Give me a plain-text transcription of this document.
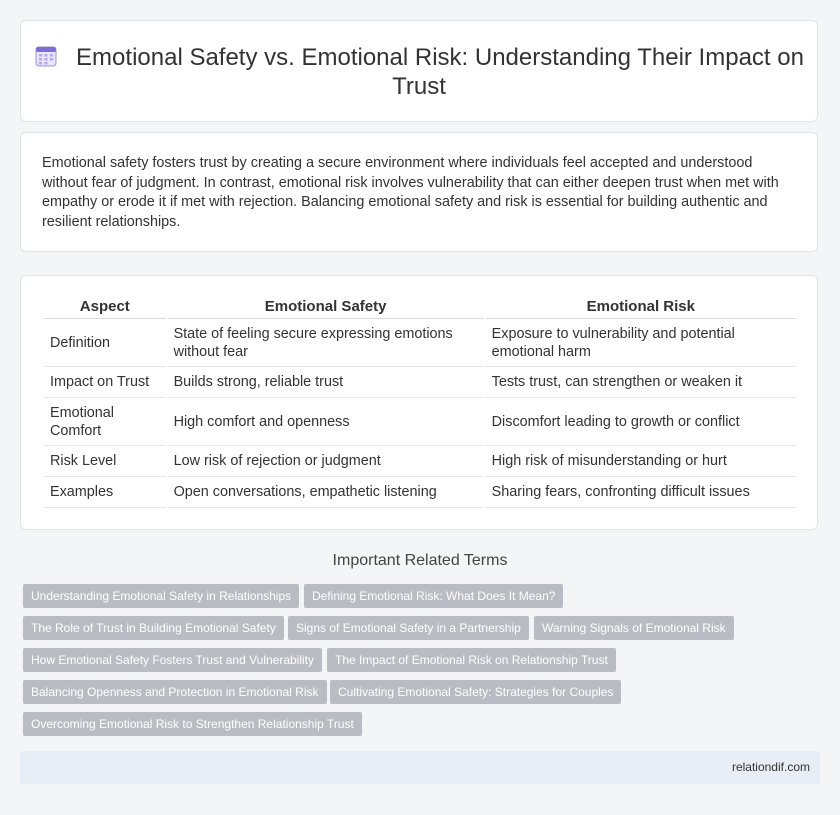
Emotional Safety vs. Emotional Risk: Understanding Their Impact on Trust

Emotional safety fosters trust by creating a secure environment where individuals feel accepted and understood without fear of judgment. In contrast, emotional risk involves vulnerability that can either deepen trust when met with empathy or erode it if met with rejection. Balancing emotional safety and risk is essential for building authentic and resilient relationships.

Aspect	Emotional Safety	Emotional Risk
Definition	State of feeling secure expressing emotions without fear	Exposure to vulnerability and potential emotional harm
Impact on Trust	Builds strong, reliable trust	Tests trust, can strengthen or weaken it
Emotional Comfort	High comfort and openness	Discomfort leading to growth or conflict
Risk Level	Low risk of rejection or judgment	High risk of misunderstanding or hurt
Examples	Open conversations, empathetic listening	Sharing fears, confronting difficult issues
Important Related Terms
Understanding Emotional Safety in Relationships	Defining Emotional Risk: What Does It Mean?
The Role of Trust in Building Emotional Safety	Signs of Emotional Safety in a Partnership	Warning Signals of Emotional Risk
How Emotional Safety Fosters Trust and Vulnerability	The Impact of Emotional Risk on Relationship Trust
Balancing Openness and Protection in Emotional Risk	Cultivating Emotional Safety: Strategies for Couples
Overcoming Emotional Risk to Strengthen Relationship Trust
relationdif.com
